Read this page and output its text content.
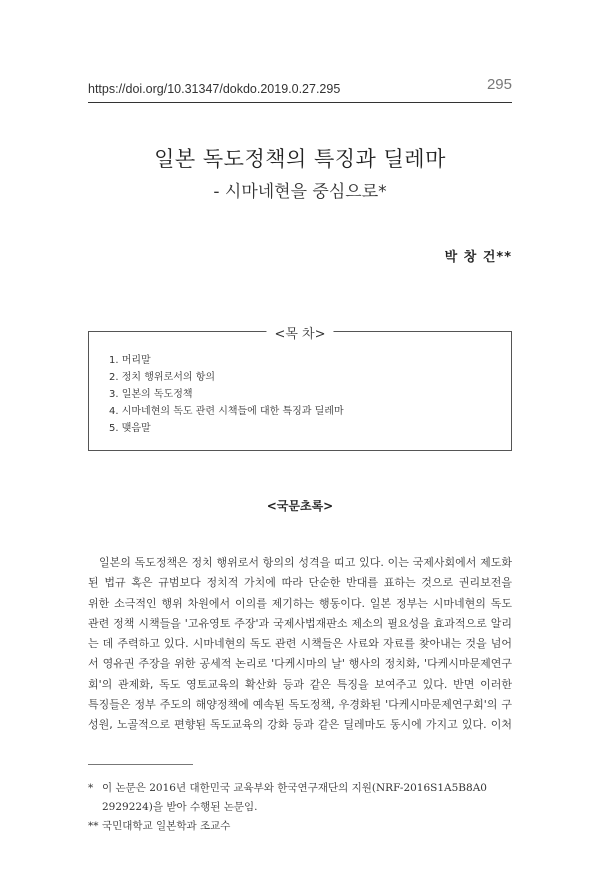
https://doi.org/10.31347/dokdo.2019.0.27.295	295
일본 독도정책의 특징과 딜레마
- 시마네현을 중심으로*
박 창 건**
<목 차>
1. 머리말
2. 정치 행위로서의 항의
3. 일본의 독도정책
4. 시마네현의 독도 관련 시책들에 대한 특징과 딜레마
5. 맺음말
<국문초록>
일본의 독도정책은 정치 행위로서 항의의 성격을 띠고 있다. 이는 국제사회에서 제도화
된 법규 혹은 규범보다 정치적 가치에 따라 단순한 반대를 표하는 것으로 권리보전을
위한 소극적인 행위 차원에서 이의를 제기하는 행동이다. 일본 정부는 시마네현의 독도
관련 정책 시책들을 '고유영토 주장'과 국제사법재판소 제소의 필요성을 효과적으로 알리
는 데 주력하고 있다. 시마네현의 독도 관련 시책들은 사료와 자료를 찾아내는 것을 넘어
서 영유권 주장을 위한 공세적 논리로 '다케시마의 날' 행사의 정치화, '다케시마문제연구
회'의 관제화, 독도 영토교육의 확산화 등과 같은 특징을 보여주고 있다. 반면 이러한
특징들은 정부 주도의 해양정책에 예속된 독도정책, 우경화된 '다케시마문제연구회'의 구
성원, 노골적으로 편향된 독도교육의 강화 등과 같은 딜레마도 동시에 가지고 있다. 이처
* 이 논문은 2016년 대한민국 교육부와 한국연구재단의 지원(NRF-2016S1A5B8A0
2929224)을 받아 수행된 논문임.
** 국민대학교 일본학과 조교수
